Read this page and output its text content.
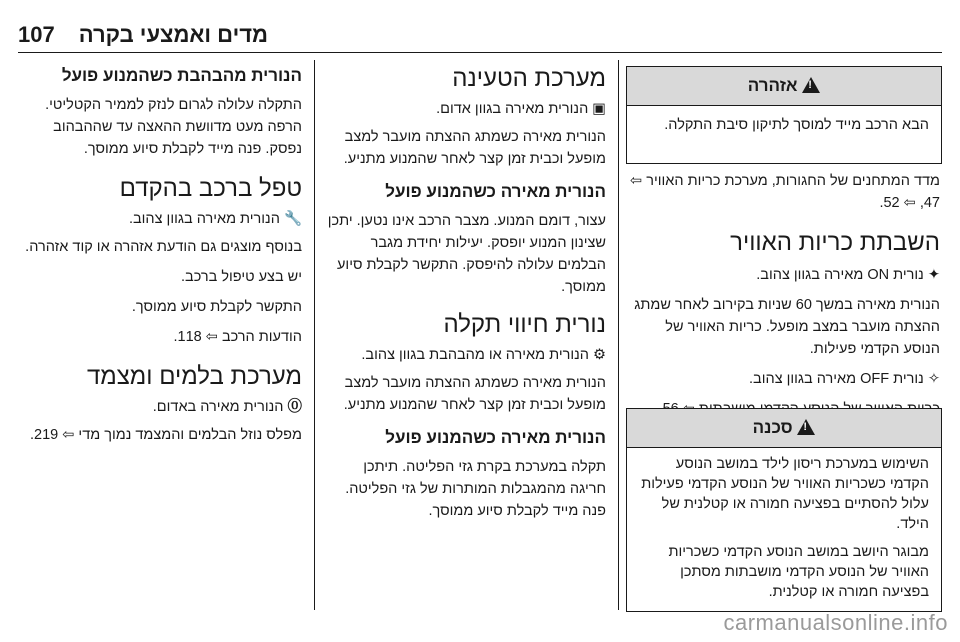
107 מדים ואמצעי בקרה
! אזהרה

הבא הרכב מייד למוסך לתיקון סיבת התקלה.

מדד המתחנים של החגורות, מערכת כריות האוויר ⇦ 47, ⇦ 52.

השבתת כריות האוויר

✦ נורית ON מאירה בגוון צהוב.

הנורית מאירה במשך 60 שניות בקירוב לאחר שמתג ההצתה מועבר במצב מופעל. כריות האוויר של הנוסע הקדמי פעילות.

✧ נורית OFF מאירה בגוון צהוב.

! סכנה

השימוש במערכת ריסון לילד במושב הנוסע הקדמי כשכריות האוויר של הנוסע הקדמי פעילות עלול להסתיים בפציעה חמורה או קטלנית של הילד.

מבוגר היושב במושב הנוסע הקדמי כשכריות האוויר של הנוסע הקדמי מושבתות מסתכן בפציעה חמורה או קטלנית.

מערכת הטעינה

▣ הנורית מאירה בגוון אדום.

הנורית מאירה כשמתג ההצתה מועבר למצב מופעל וכבית זמן קצר לאחר שהמנוע מתניע.

הנורית מאירה כשהמנוע פועל

עצור, דומם המנוע. מצבר הרכב אינו נטען. יתכן שצינון המנוע יופסק. יעילות יחידת מגבר הבלמים עלולה להיפסק. התקשר לקבלת סיוע ממוסך.

נורית חיווי תקלה

⚙ הנורית מאירה או מהבהבת בגוון צהוב.

הנורית מאירה כשמתג ההצתה מועבר למצב מופעל וכבית זמן קצר לאחר שהמנוע מתניע.

הנורית מאירה כשהמנוע פועל

תקלה במערכת בקרת גזי הפליטה. תיתכן חריגה מהמגבלות המותרות של גזי הפליטה. פנה מייד לקבלת סיוע ממוסך.

הנורית מהבהבת כשהמנוע פועל

התקלה עלולה לגרום לנזק לממיר הקטליטי. הרפה מעט מדוושת ההאצה עד שההבהוב נפסק. פנה מייד לקבלת סיוע ממוסך.

טפל ברכב בהקדם

🔧 הנורית מאירה בגוון צהוב.

בנוסף מוצגים גם הודעת אזהרה או קוד אזהרה.

יש בצע טיפול ברכב.

התקשר לקבלת סיוע ממוסך.

הודעות הרכב ⇦ 118.

מערכת בלמים ומצמד

⓪ הנורית מאירה באדום.

מפלס נוזל הבלמים והמצמד נמוך מדי ⇦ 219.

carmanualsonline.info
